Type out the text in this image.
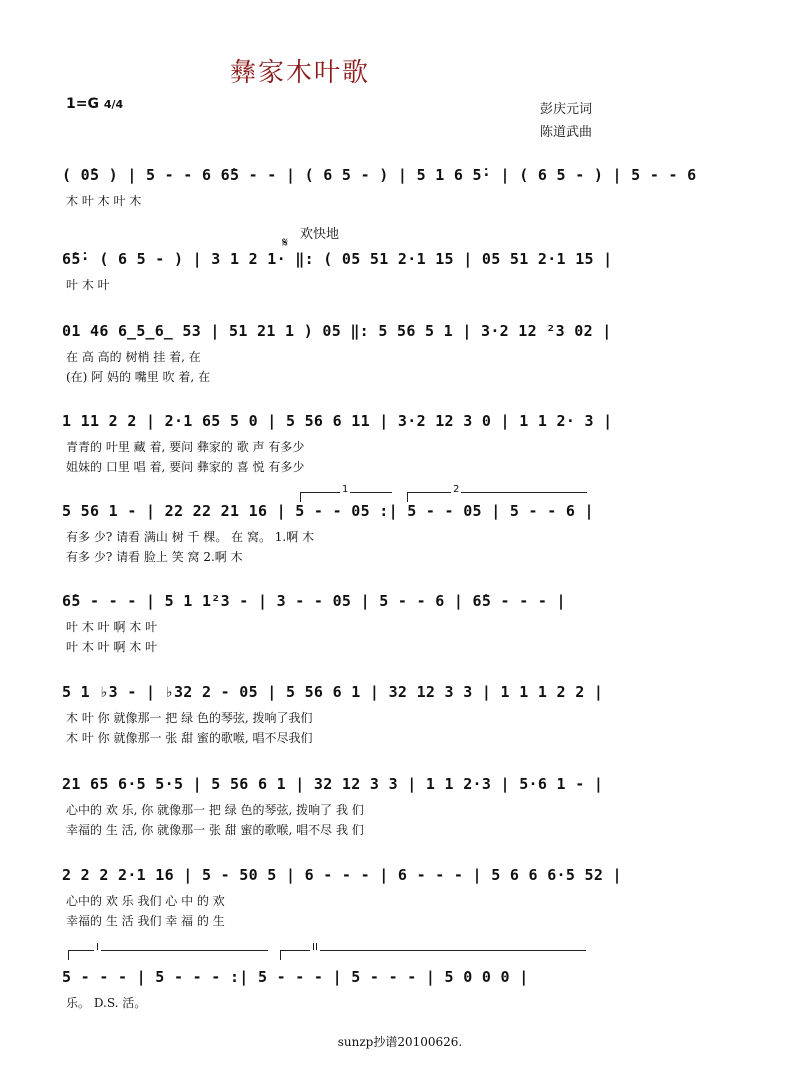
彝家木叶歌
1=G 4/4	彭庆元词
陈道武曲
欢快地
𝄋
( 0̇5 ) | 5 - - 6 6̇5 - - | ( 6 5 - ) | 5 1 6 5̇· | ( 6 5 - ) | 5 - - 6
木 叶 木 叶 木
6̇5̇· ( 6 5 - ) | 3 1 2 1· ‖: ( 05 51 2·1 15 | 05 51 2·1 15 |
叶 木 叶
01 46 6̲5̲6̲ 53 | 51 21 1 ) 05 ‖: 5 56 5 1 | 3·2 12 ²3 02 |
在 高 高的 树梢 挂 着, 在
(在) 阿 妈的 嘴里 吹 着, 在
1 11 2 2 | 2·1 65 5 0 | 5 56 6 11 | 3·2 12 3 0 | 1 1 2· 3 |
青青的 叶里 藏 着, 要问 彝家的 歌 声 有多少
姐妹的 口里 唱 着, 要问 彝家的 喜 悦 有多少
5 56 1 - | 22 22 21 16 | 5 - - 05 :| 5 - - 05 | 5 - - 6 |
有多 少? 请看 满山 树 千 棵。 在 窝。 1.啊 木
有多 少? 请看 脸上 笑 窝 2.啊 木
1	2
6̇5 - - - | 5 1 1²3 - | 3 - - 05 | 5 - - 6 | 6̇5 - - - |
叶 木 叶 啊 木 叶
叶 木 叶 啊 木 叶
5 1 ♭3 - | ♭32 2 - 05 | 5 56 6 1 | 32 12 3 3 | 1 1 1 2 2 |
木 叶 你 就像那一 把 绿 色的琴弦, 拨响了我们
木 叶 你 就像那一 张 甜 蜜的歌喉, 唱不尽我们
21 65 6·5 5·5 | 5 56 6 1 | 32 12 3 3 | 1 1 2·3 | 5·6 1 - |
心中的 欢 乐, 你 就像那一 把 绿 色的琴弦, 拨响了 我 们
幸福的 生 活, 你 就像那一 张 甜 蜜的歌喉, 唱不尽 我 们
2 2 2 2·1 16 | 5 - 50 5 | 6 - - - | 6 - - - | 5 6 6 6·5 52 |
心中的 欢 乐 我们 心 中 的 欢
幸福的 生 活 我们 幸 福 的 生
I	II
5 - - - | 5 - - - :| 5 - - - | 5 - - - | 5 0 0 0 |
乐。 D.S. 活。
sunzp抄谱20100626.
